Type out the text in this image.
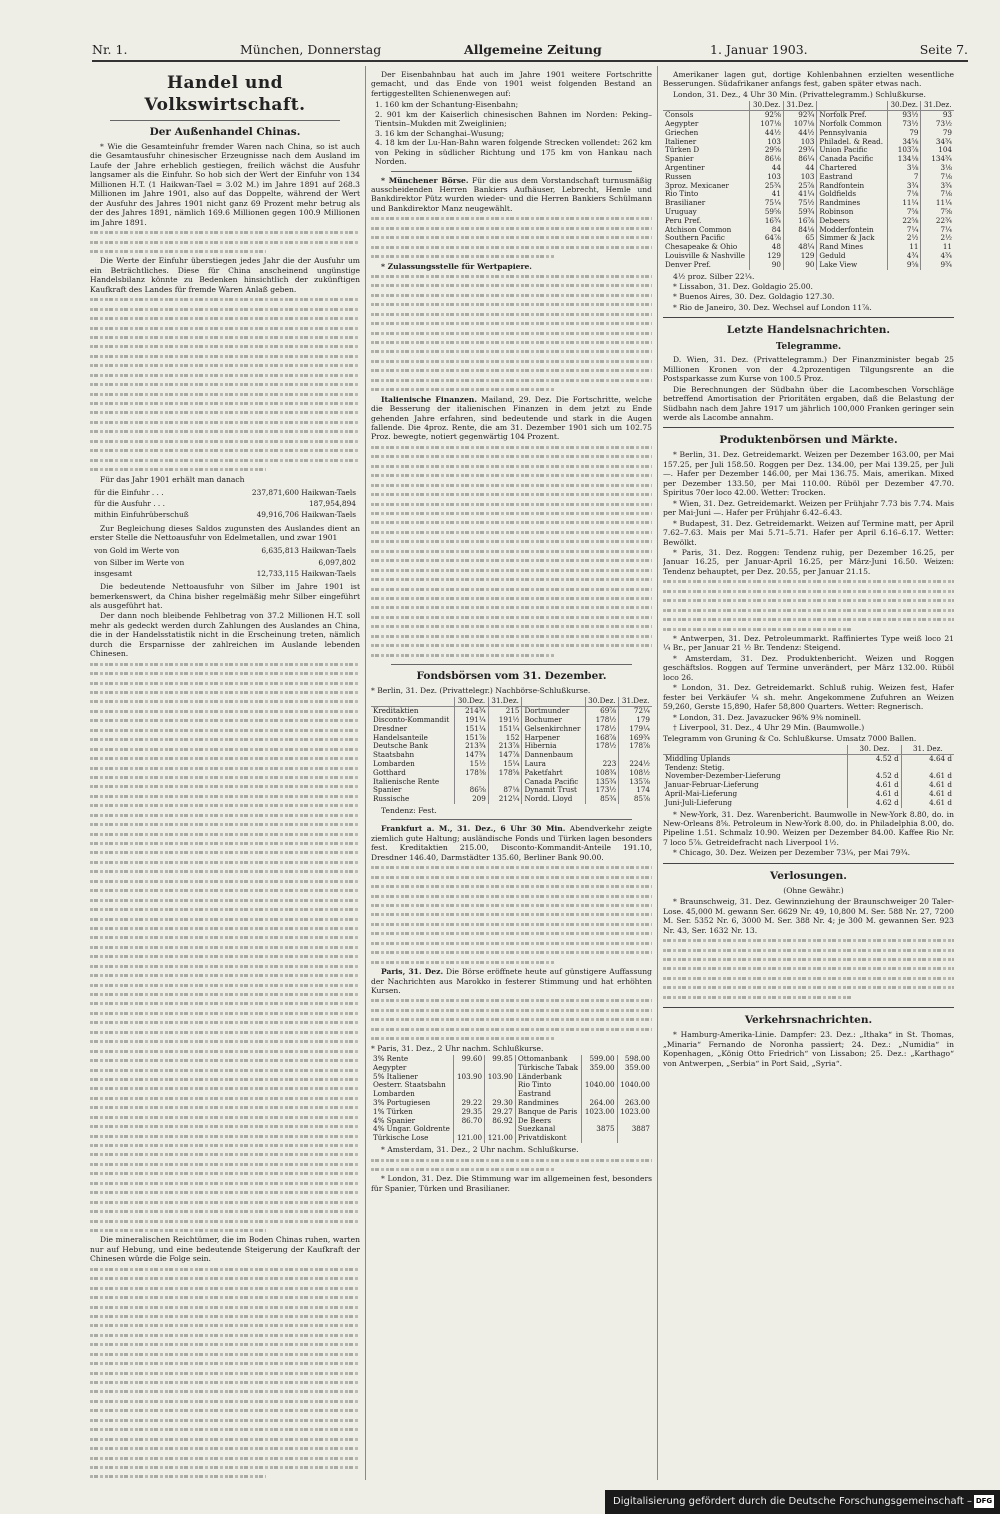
Nr. 1.	München, Donnerstag	Allgemeine Zeitung	1. Januar 1903.	Seite 7.
Handel und Volkswirtschaft.
Der Außenhandel Chinas.

* Wie die Gesamteinfuhr fremder Waren nach China, so ist auch die Gesamtausfuhr chinesischer Erzeugnisse nach dem Ausland im Laufe der Jahre erheblich gestiegen, freilich wächst die Ausfuhr langsamer als die Einfuhr. So hob sich der Wert der Einfuhr von 134 Millionen H.T. (1 Haikwan-Tael = 3.02 M.) im Jahre 1891 auf 268.3 Millionen im Jahre 1901, also auf das Doppelte, während der Wert der Ausfuhr des Jahres 1901 nicht ganz 69 Prozent mehr betrug als der des Jahres 1891, nämlich 169.6 Millionen gegen 100.9 Millionen im Jahre 1891.

Die Werte der Einfuhr überstiegen jedes Jahr die der Ausfuhr um ein Beträchtliches. Diese für China anscheinend ungünstige Handelsbilanz könnte zu Bedenken hinsichtlich der zukünftigen Kaufkraft des Landes für fremde Waren Anlaß geben.

Für das Jahr 1901 erhält man danach

für die Einfuhr . . .	237,871,600 Haikwan-Taels
für die Ausfuhr . . .	187,954,894
mithin Einfuhrüberschuß	49,916,706 Haikwan-Taels

Zur Begleichung dieses Saldos zugunsten des Auslandes dient an erster Stelle die Nettoausfuhr von Edelmetallen, und zwar 1901

von Gold im Werte von	6,635,813 Haikwan-Taels
von Silber im Werte von	6,097,802
insgesamt	12,733,115 Haikwan-Taels

Die bedeutende Nettoausfuhr von Silber im Jahre 1901 ist bemerkenswert, da China bisher regelmäßig mehr Silber eingeführt als ausgeführt hat.

Der dann noch bleibende Fehlbetrag von 37.2 Millionen H.T. soll mehr als gedeckt werden durch Zahlungen des Auslandes an China, die in der Handelsstatistik nicht in die Erscheinung treten, nämlich durch die Ersparnisse der zahlreichen im Auslande lebenden Chinesen.

Die mineralischen Reichtümer, die im Boden Chinas ruhen, warten nur auf Hebung, und eine bedeutende Steigerung der Kaufkraft der Chinesen würde die Folge sein.

Der Eisenbahnbau hat auch im Jahre 1901 weitere Fortschritte gemacht, und das Ende von 1901 weist folgenden Bestand an fertiggestellten Schienenwegen auf:

1. 160 km der Schantung-Eisenbahn;
2. 901 km der Kaiserlich chinesischen Bahnen im Norden: Peking–Tientsin–Mukden mit Zweiglinien;
3. 16 km der Schanghai–Wusung;
4. 18 km der Lu-Han-Bahn waren folgende Strecken vollendet: 262 km von Peking in südlicher Richtung und 175 km von Hankau nach Norden.

* Münchener Börse. Für die aus dem Vorstandschaft turnusmäßig ausscheidenden Herren Bankiers Aufhäuser, Lebrecht, Hemle und Bankdirektor Pütz wurden wieder- und die Herren Bankiers Schülmann und Bankdirektor Manz neugewählt.

* Zulassungsstelle für Wertpapiere.

Italienische Finanzen. Mailand, 29. Dez. Die Fortschritte, welche die Besserung der italienischen Finanzen in dem jetzt zu Ende gehenden Jahre erfahren, sind bedeutende und stark in die Augen fallende. Die 4proz. Rente, die am 31. Dezember 1901 sich um 102.75 Proz. bewegte, notiert gegenwärtig 104 Prozent.

Fondsbörsen vom 31. Dezember.

* Berlin, 31. Dez. (Privattelegr.) Nachbörse-Schlußkurse.

	30.Dez.	31.Dez.		30.Dez.	31.Dez.
Kreditaktien	214¾	215	Dortmunder	69⅞	72¼
Disconto-Kommandit	191¼	191½	Bochumer	178½	179
Dresdner	151¼	151¼	Gelsenkirchner	178½	179¼
Handelsanteile	151⅞	152	Harpener	168⅞	169¾
Deutsche Bank	213¾	213⅞	Hibernia	178½	178⅞
Staatsbahn	147¾	147⅞	Dannenbaum		
Lombarden	15½	15¼	Laura	223	224½
Gotthard	178⅜	178⅝	Paketfahrt	108¾	108½
Italienische Rente			Canada Pacific	135¾	135⅞
Spanier	86⅝	87⅛	Dynamit Trust	173½	174
Russische	209	212¼	Nordd. Lloyd	85¾	85⅞

Tendenz: Fest.

Frankfurt a. M., 31. Dez., 6 Uhr 30 Min. Abendverkehr zeigte ziemlich gute Haltung; ausländische Fonds und Türken lagen besonders fest. Kreditaktien 215.00, Disconto-Kommandit-Anteile 191.10, Dresdner 146.40, Darmstädter 135.60, Berliner Bank 90.00.

Paris, 31. Dez. Die Börse eröffnete heute auf günstigere Auffassung der Nachrichten aus Marokko in festerer Stimmung und hat erhöhten Kursen.

* Paris, 31. Dez., 2 Uhr nachm. Schlußkurse.

3% Rente	99.60	99.85	Ottomanbank	599.00	598.00
Aegypter			Türkische Tabak	359.00	359.00
5% Italiener	103.90	103.90	Länderbank		
Oesterr. Staatsbahn			Rio Tinto	1040.00	1040.00
Lombarden			Eastrand		
3% Portugiesen	29.22	29.30	Randmines	264.00	263.00
1% Türken	29.35	29.27	Banque de Paris	1023.00	1023.00
4% Spanier	86.70	86.92	De Beers		
4% Ungar. Goldrente			Suezkanal	3875	3887
Türkische Lose	121.00	121.00	Privatdiskont		

* Amsterdam, 31. Dez., 2 Uhr nachm. Schlußkurse.

* London, 31. Dez. Die Stimmung war im allgemeinen fest, besonders für Spanier, Türken und Brasilianer.

Amerikaner lagen gut, dortige Kohlenbahnen erzielten wesentliche Besserungen. Südafrikaner anfangs fest, gaben später etwas nach.

London, 31. Dez., 4 Uhr 30 Min. (Privattelegramm.) Schlußkurse.

	30.Dez.	31.Dez.		30.Dez.	31.Dez.
Consols	92⅝	92¾	Norfolk Pref.	93½	93
Aegypter	107⅛	107⅛	Norfolk Common	73½	73½
Griechen	44½	44½	Pennsylvania	79	79
Italiener	103	103	Philadel. & Read.	34⅝	34¾
Türken D	29⅝	29¾	Union Pacific	103⅞	104
Spanier	86⅛	86¼	Canada Pacific	134⅛	134¾
Argentiner	44	44	Chartered	3⅛	3⅛
Russen	103	103	Eastrand	7	7⅛
3proz. Mexicaner	25¾	25⅞	Randfontein	3¾	3¾
Rio Tinto	41	41¼	Goldfields	7⅛	7⅛
Brasilianer	75¼	75½	Randmines	11¼	11¼
Uruguay	59⅝	59¾	Robinson	7⅝	7⅝
Peru Pref.	16¾	16⅞	Debeers	22⅝	22¾
Atchison Common	84	84⅛	Modderfontein	7¼	7¼
Southern Pacific	64⅞	65	Simmer & Jack	2½	2½
Chesapeake & Ohio	48	48¼	Rand Mines	11	11
Louisville & Nashville	129	129	Geduld	4¾	4¾
Denver Pref.	90	90	Lake View	9⅝	9¾

4½ proz. Silber 22¼.

* Lissabon, 31. Dez. Goldagio 25.00.

* Buenos Aires, 30. Dez. Goldagio 127.30.

* Rio de Janeiro, 30. Dez. Wechsel auf London 11⅞.

Letzte Handelsnachrichten.
Telegramme.

D. Wien, 31. Dez. (Privattelegramm.) Der Finanzminister begab 25 Millionen Kronen von der 4.2prozentigen Tilgungsrente an die Postsparkasse zum Kurse von 100.5 Proz.

Die Berechnungen der Südbahn über die Lacombeschen Vorschläge betreffend Amortisation der Prioritäten ergaben, daß die Belastung der Südbahn nach dem Jahre 1917 um jährlich 100,000 Franken geringer sein werde als Lacombe annahm.

Produktenbörsen und Märkte.

* Berlin, 31. Dez. Getreidemarkt. Weizen per Dezember 163.00, per Mai 157.25, per Juli 158.50. Roggen per Dez. 134.00, per Mai 139.25, per Juli —. Hafer per Dezember 146.00, per Mai 136.75. Mais, amerikan. Mixed per Dezember 133.50, per Mai 110.00. Rüböl per Dezember 47.70. Spiritus 70er loco 42.00. Wetter: Trocken.

* Wien, 31. Dez. Getreidemarkt. Weizen per Frühjahr 7.73 bis 7.74. Mais per Mai-Juni —. Hafer per Frühjahr 6.42–6.43.

* Budapest, 31. Dez. Getreidemarkt. Weizen auf Termine matt, per April 7.62–7.63. Mais per Mai 5.71–5.71. Hafer per April 6.16–6.17. Wetter: Bewölkt.

* Paris, 31. Dez. Roggen: Tendenz ruhig, per Dezember 16.25, per Januar 16.25, per Januar-April 16.25, per März-Juni 16.50. Weizen: Tendenz behauptet, per Dez. 20.55, per Januar 21.15.

* Antwerpen, 31. Dez. Petroleummarkt. Raffiniertes Type weiß loco 21 ¼ Br., per Januar 21 ½ Br. Tendenz: Steigend.

* Amsterdam, 31. Dez. Produktenbericht. Weizen und Roggen geschäftslos. Roggen auf Termine unverändert, per März 132.00. Rüböl loco 26.

* London, 31. Dez. Getreidemarkt. Schluß ruhig. Weizen fest, Hafer fester bei Verkäufer ¼ sh. mehr. Angekommene Zufuhren an Weizen 59,260, Gerste 15,890, Hafer 58,800 Quarters. Wetter: Regnerisch.

* London, 31. Dez. Javazucker 96% 9⅜ nominell.

† Liverpool, 31. Dez., 4 Uhr 29 Min. (Baumwolle.)

Telegramm von Gruning & Co. Schlußkurse. Umsatz 7000 Ballen.

	30. Dez.	31. Dez.
Middling Uplands	4.52 d	4.64 d
Tendenz: Stetig.		
November-Dezember-Lieferung	4.52 d	4.61 d
Januar-Februar-Lieferung	4.61 d	4.61 d
April-Mai-Lieferung	4.61 d	4.61 d
Juni-Juli-Lieferung	4.62 d	4.61 d

* New-York, 31. Dez. Warenbericht. Baumwolle in New-York 8.80, do. in New-Orleans 8⅝. Petroleum in New-York 8.00, do. in Philadelphia 8.00, do. Pipeline 1.51. Schmalz 10.90. Weizen per Dezember 84.00. Kaffee Rio Nr. 7 loco 5⅞. Getreidefracht nach Liverpool 1½.

* Chicago, 30. Dez. Weizen per Dezember 73¼, per Mai 79¾.

Verlosungen.

(Ohne Gewähr.)

* Braunschweig, 31. Dez. Gewinnziehung der Braunschweiger 20 Taler-Lose. 45,000 M. gewann Ser. 6629 Nr. 49, 10,800 M. Ser. 588 Nr. 27, 7200 M. Ser. 5352 Nr. 6, 3000 M. Ser. 388 Nr. 4; je 300 M. gewannen Ser. 923 Nr. 43, Ser. 1632 Nr. 13.

Verkehrsnachrichten.

* Hamburg-Amerika-Linie. Dampfer: 23. Dez.: „Ithaka“ in St. Thomas, „Minaria“ Fernando de Noronha passiert; 24. Dez.: „Numidia“ in Kopenhagen, „König Otto Friedrich“ von Lissabon; 25. Dez.: „Karthago“ von Antwerpen, „Serbia“ in Port Said, „Syria“.

Digitalisierung gefördert durch die Deutsche Forschungsgemeinschaft – DFG
